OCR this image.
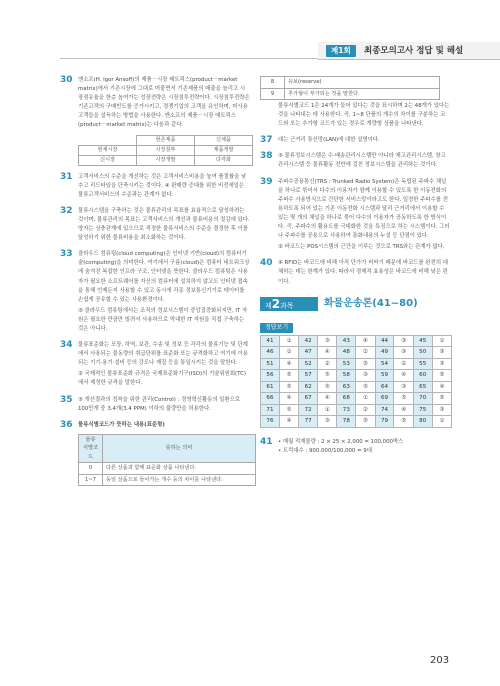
제1회	최종모의고사 정답 및 해설
30 앤소프(H. Igor Ansoff)의 제품－시장 매트릭스(product－market matrix)에서 기존시장에 그대로 머물면서 기존제품의 매출을 늘리고 시장점유율을 한층 높여가는 성장전략은 시장침투전략이다. 시장침투전략은 기존고객의 구매빈도를 증가시키고, 경쟁기업의 고객을 유인하며, 미사용 고객들을 설득하는 방법을 사용한다. 앤소프의 제품－시장 매트릭스(product－market matrix)는 다음과 같다.

	현존제품	신제품
현재시장	시장침투	제품개발
신시장	시장개발	다각화
31 고객서비스의 수준을 개선하는 것은 고객서비스비용을 높여 품절률을 낮추고 리드타임을 단축시키는 것이다. ④ 판매량 증대를 위한 비전세일은 물류고객서비스의 수준과는 관계가 없다.

32 물류시스템을 구축하는 것은 물류관리의 목표를 효율적으로 달성하려는 것이며, 물류관리의 목표는 고객서비스의 개선과 물류비용의 절감에 있다. 양자는 상충관계에 있으므로 적정한 물류서비스의 수준을 결정한 후 이를 달성하기 위한 물류비용을 최소화하는 것이다.

33 클라우드 컴퓨팅(cloud computing)은 인터넷 기반(cloud)의 컴퓨터기술(computing)을 의미한다. 여기에서 구름(cloud)은 컴퓨터 네트워크상에 숨겨진 복잡한 인프라 구조, 인터넷을 뜻한다. 클라우드 컴퓨팅은 사용자가 필요한 소프트웨어를 자신의 컴퓨터에 설치하지 않고도 인터넷 접속을 통해 언제든지 사용할 수 있고 동시에 각종 정보통신기기로 데이터를 손쉽게 공유할 수 있는 사용환경이다.

③ 클라우드 컴퓨팅에서는 조직의 정보시스템이 중앙집중화되지만, IT 자원은 필요한 만큼만 빌려서 사용하므로 막대한 IT 자원을 직접 구축하는 것은 아니다.

34 물류표준화는 포장, 하역, 보관, 수송 및 정보 등 각각의 물류기능 및 단계에서 사용되는 물동량의 취급단위를 표준화 또는 규격화하고 여기에 이용되는 기기·용기·설비 등의 강도나 재질 등을 통일시키는 것을 말한다.

② 국제적인 물류표준화 규격은 국제표준화기구(ISO)의 기술위원회(TC)에서 제정한 규격을 말한다.

35 ⑤ 개선결과의 정착을 위한 관리(Control) : 경영혁신활동의 일환으로 100만개 중 3.4개(3.4 PPM) 이하의 불량만을 허용한다.

36 물류식별코드가 뜻하는 내용(표준형)

물류
식별코드	뜻하는 의미
0	다른 상품과 함께 표준화 상품 나타낸다.
1~7	동일 상품으로 들어가는 개수 등의 차이를 나타낸다.
8	유보(reserve)
9	추가형이 부가되는 것을 말한다.

물류식별코드 1은 24개가 들어 있다는 것을 표시하며 2는 48개가 있다는 것을 나타내는 데 사용한다. 즉, 1~8 단품의 개수의 차이를 구분하는 코드와 또는 추가형 코드가 있는 경우로 개량형 상품을 나타낸다.

37 대는 근거리 통신망(LAN)에 대한 설명이다.

38 ⑤ 물류정보시스템은 수·배송관리시스템만 아니라 재고관리시스템, 창고관리시스템 등 물류활동 전반에 걸친 정보시스템을 관리하는 것이다.

39 주파수공용통신(TRS : Trunked Radio System)은 독립된 주파수 채널을 하나로 묶어서 다수의 이용자가 함께 이용할 수 있도록 한 이동전화의 주파수 사용방식으로 간단한 서비스망이라고도 한다. 일정한 주파수를 전용하도록 되어 있는 기존 이동전화 시스템과 달리 근거리에서 이용할 수 있는 몇 개의 채널을 하나로 묶어 다수의 이용자가 공동하도록 한 방식이다. 즉, 주파수의 활용도를 극대화한 것을 특징으로 하는 시스템이다. 그러나 주파수를 공용으로 사용하여 통화내용의 누설 등 단점이 있다.

② 바코드는 POS시스템의 근간을 이루는 것으로 TRS와는 관계가 없다.

40 ④ RFID는 바코드에 비해 아직 단가가 비싸기 때문에 바코드를 완전히 대체하는 데는 한계가 있다. 따라서 경제적 효용성은 바코드에 비해 낮은 편이다.

제2과목	화물운송론(41~80)
정답보기
41	①	42	③	43	④	44	③	45	①
46	①	47	④	48	②	49	③	50	③
51	④	52	②	53	⑤	54	②	55	③
56	⑤	57	⑤	58	③	59	④	60	⑤
61	⑤	62	⑤	63	⑤	64	③	65	④
66	④	67	④	68	①	69	⑤	70	⑤
71	⑤	72	①	73	②	74	④	75	③
76	④	77	③	78	⑤	79	⑤	80	①
41 • 매월 적재물량 : 2 × 25 × 2,000 = 100,000박스

• 트럭대수 : 900,000/100,000 = 9대

203
